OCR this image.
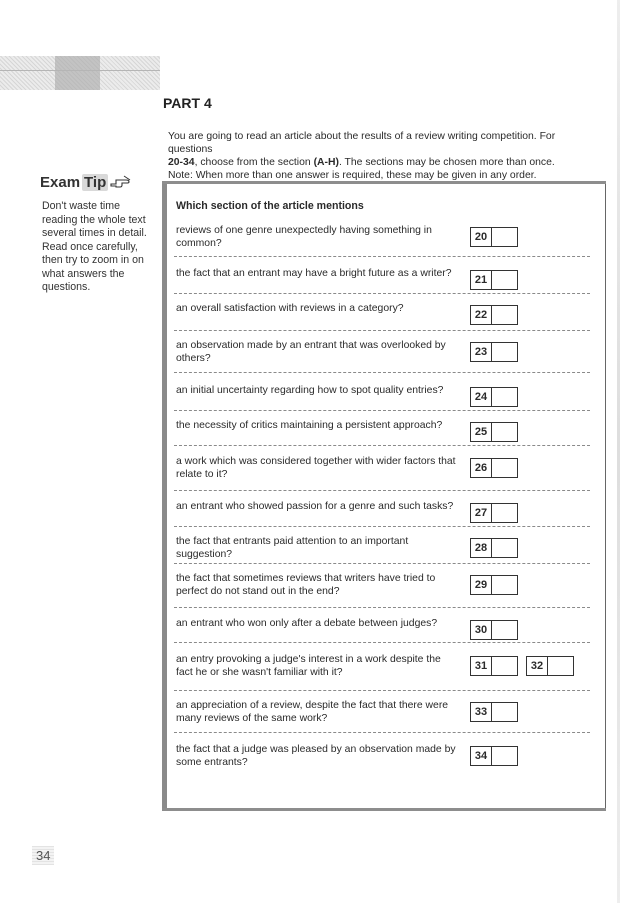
PART 4

You are going to read an article about the results of a review writing competition. For questions

20-34, choose from the section (A-H). The sections may be chosen more than once.

Note: When more than one answer is required, these may be given in any order.

Exam Tip

Don't waste time reading the whole text several times in detail. Read once carefully, then try to zoom in on what answers the questions.

Which section of the article mentions

reviews of one genre unexpectedly having something in common?	20
the fact that an entrant may have a bright future as a writer?
21
an overall satisfaction with reviews in a category?
22
an observation made by an entrant that was overlooked by others?	23
an initial uncertainty regarding how to spot quality entries?
24
the necessity of critics maintaining a persistent approach?
25
a work which was considered together with wider factors that relate to it?	26
an entrant who showed passion for a genre and such tasks?
27
the fact that entrants paid attention to an important suggestion?	28
the fact that sometimes reviews that writers have tried to perfect do not stand out in the end?	29
an entrant who won only after a debate between judges?
30
an entry provoking a judge's interest in a work despite the fact he or she wasn't familiar with it?	31	32
an appreciation of a review, despite the fact that there were many reviews of the same work?	33
the fact that a judge was pleased by an observation made by some entrants?	34
34
